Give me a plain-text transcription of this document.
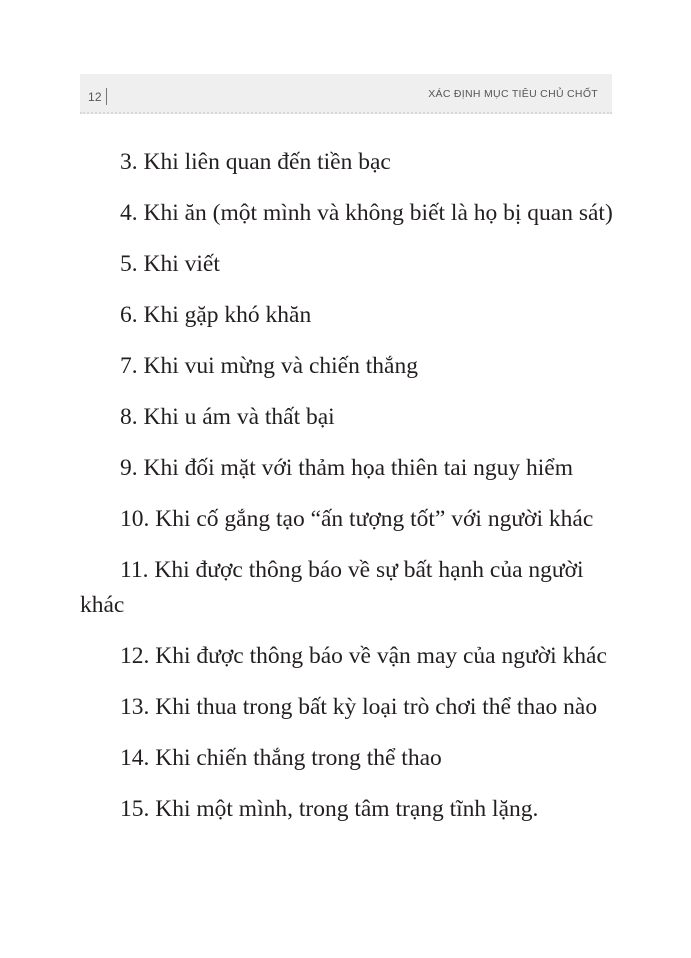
12	XÁC ĐỊNH MỤC TIÊU CHỦ CHỐT

3. Khi liên quan đến tiền bạc

4. Khi ăn (một mình và không biết là họ bị quan sát)

5. Khi viết

6. Khi gặp khó khăn

7. Khi vui mừng và chiến thắng

8. Khi u ám và thất bại

9. Khi đối mặt với thảm họa thiên tai nguy hiểm

10. Khi cố gắng tạo “ấn tượng tốt” với người khác

11. Khi được thông báo về sự bất hạnh của người khác

12. Khi được thông báo về vận may của người khác

13. Khi thua trong bất kỳ loại trò chơi thể thao nào

14. Khi chiến thắng trong thể thao

15. Khi một mình, trong tâm trạng tĩnh lặng.
